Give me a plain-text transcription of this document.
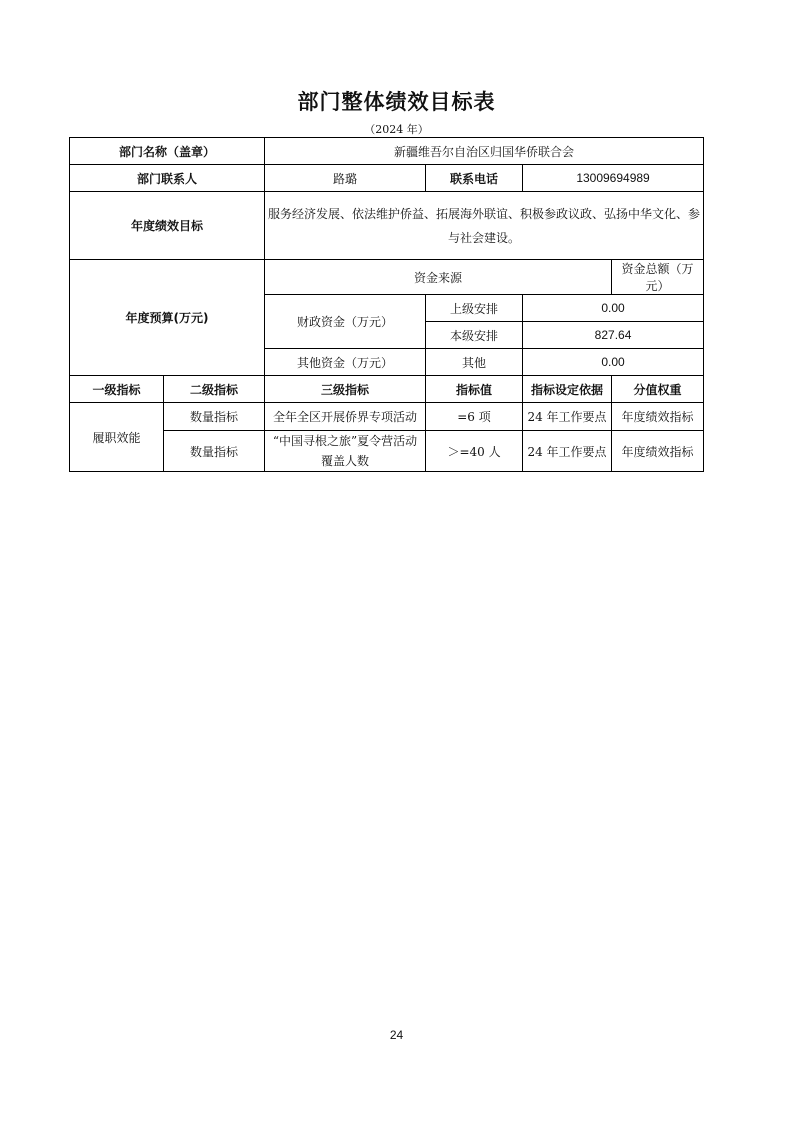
部门整体绩效目标表
（2024 年）
部门名称（盖章）		新疆维吾尔自治区归国华侨联合会			
部门联系人		路璐	联系电话	13009694989	
年度绩效目标		服务经济发展、依法维护侨益、拓展海外联谊、积极参政议政、弘扬中华文化、参与社会建设。			
年度预算(万元)		资金来源			资金总额（万元）
		财政资金（万元）	上级安排	0.00	
			本级安排	827.64	
		其他资金（万元）	其他	0.00	
一级指标	二级指标	三级指标	指标值	指标设定依据	分值权重
履职效能	数量指标	全年全区开展侨界专项活动	=6 项	24 年工作要点	年度绩效指标
	数量指标	“中国寻根之旅”夏令营活动覆盖人数	＞=40 人	24 年工作要点	年度绩效指标
24
